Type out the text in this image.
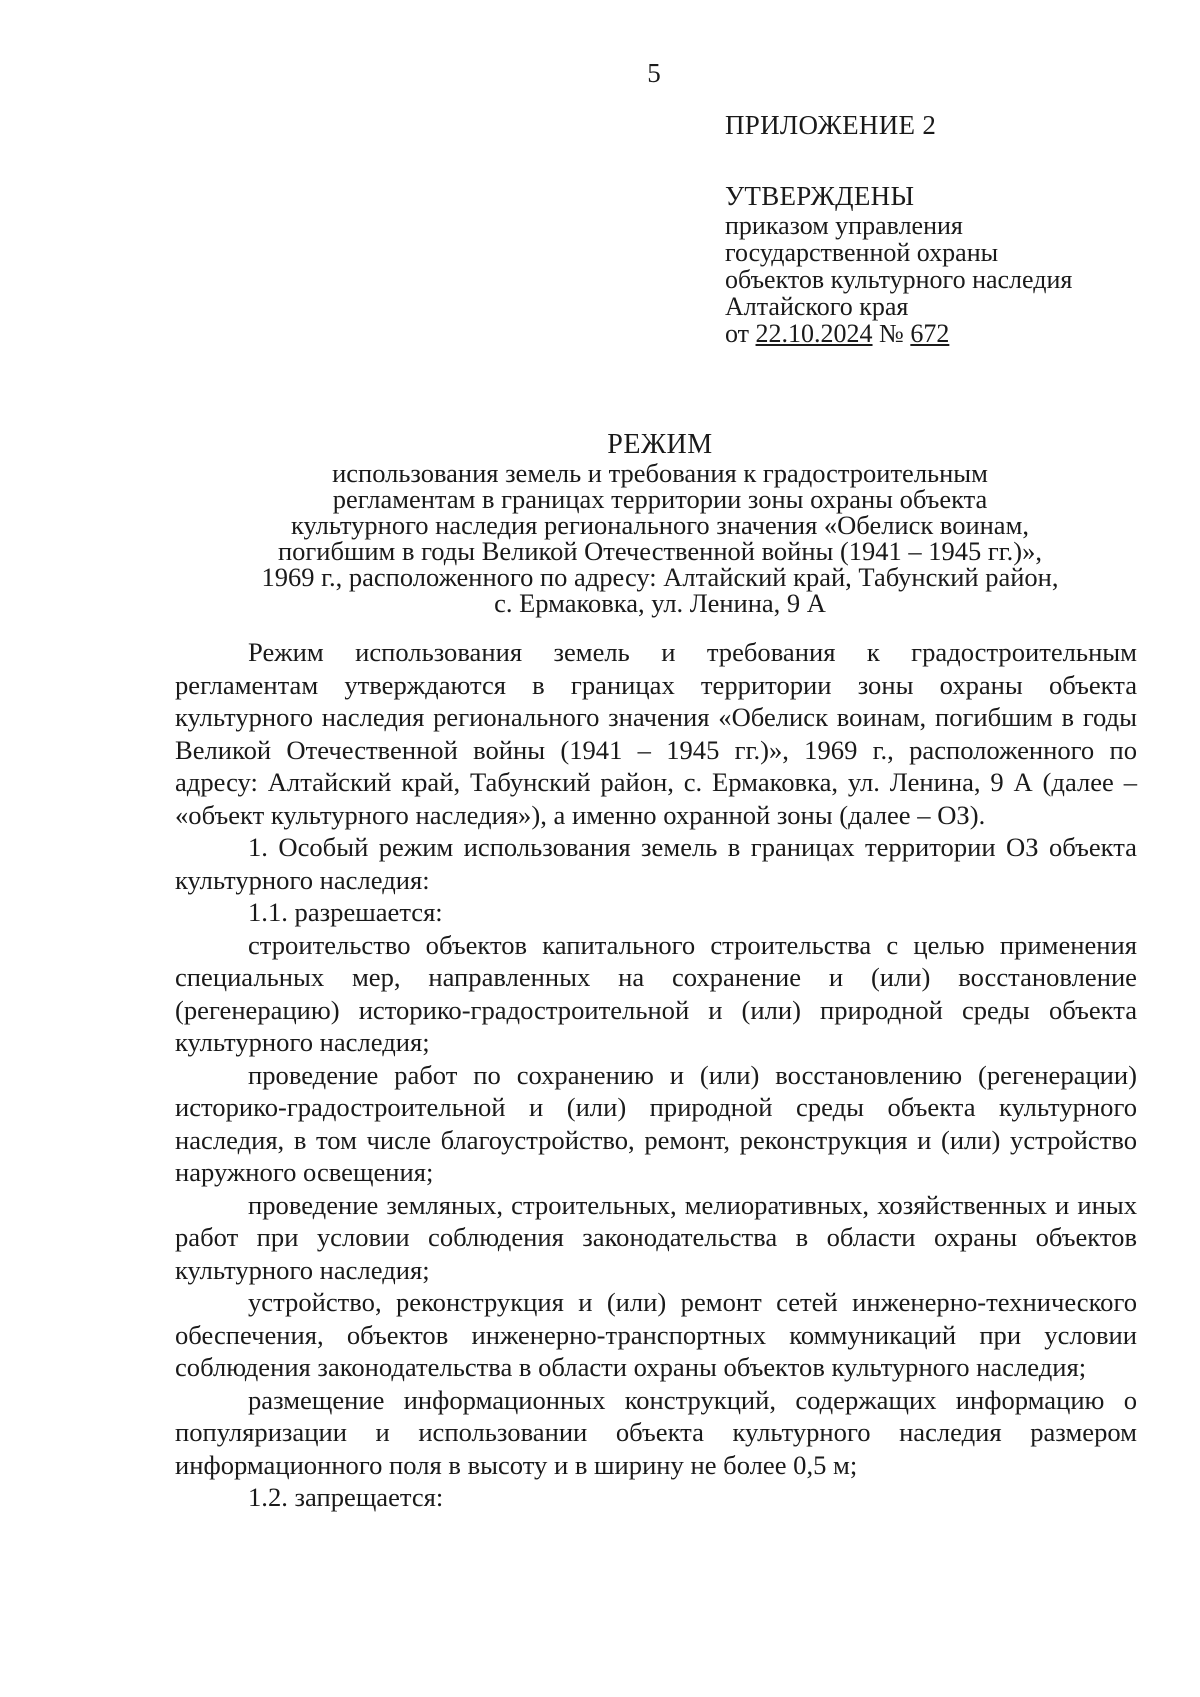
5

ПРИЛОЖЕНИЕ 2

УТВЕРЖДЕНЫ

приказом управления

государственной охраны

объектов культурного наследия

Алтайского края

от 22.10.2024 № 672

РЕЖИМ

использования земель и требования к градостроительным

регламентам в границах территории зоны охраны объекта

культурного наследия регионального значения «Обелиск воинам,

погибшим в годы Великой Отечественной войны (1941 – 1945 гг.)»,

1969 г., расположенного по адресу: Алтайский край, Табунский район,

с. Ермаковка, ул. Ленина, 9 А

Режим использования земель и требования к градостроительным регламентам утверждаются в границах территории зоны охраны объекта культурного наследия регионального значения «Обелиск воинам, погибшим в годы Великой Отечественной войны (1941 – 1945 гг.)», 1969 г., расположенного по адресу: Алтайский край, Табунский район, с. Ермаковка, ул. Ленина, 9 А (далее – «объект культурного наследия»), а именно охранной зоны (далее – ОЗ).

1. Особый режим использования земель в границах территории ОЗ объекта культурного наследия:

1.1. разрешается:

строительство объектов капитального строительства с целью применения специальных мер, направленных на сохранение и (или) восстановление (регенерацию) историко-градостроительной и (или) природной среды объекта культурного наследия;

проведение работ по сохранению и (или) восстановлению (регенерации) историко-градостроительной и (или) природной среды объекта культурного наследия, в том числе благоустройство, ремонт, реконструкция и (или) устройство наружного освещения;

проведение земляных, строительных, мелиоративных, хозяйственных и иных работ при условии соблюдения законодательства в области охраны объектов культурного наследия;

устройство, реконструкция и (или) ремонт сетей инженерно-технического обеспечения, объектов инженерно-транспортных коммуникаций при условии соблюдения законодательства в области охраны объектов культурного наследия;

размещение информационных конструкций, содержащих информацию о популяризации и использовании объекта культурного наследия размером информационного поля в высоту и в ширину не более 0,5 м;

1.2. запрещается:
